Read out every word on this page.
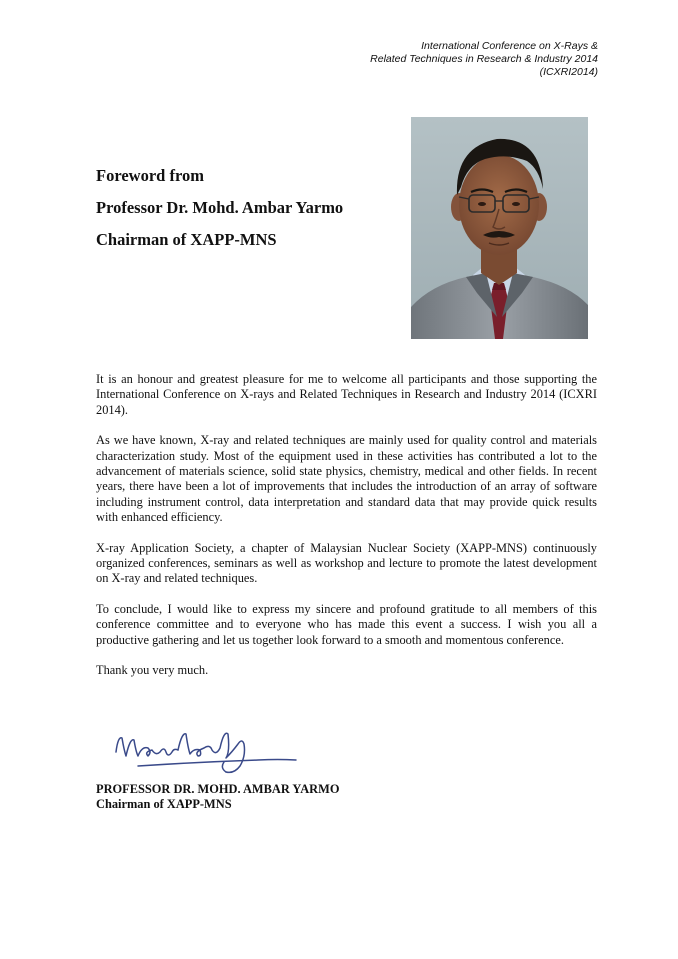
International Conference on X-Rays &
Related Techniques in Research & Industry 2014
(ICXRI2014)
Foreword from
Professor Dr. Mohd. Ambar Yarmo
Chairman of XAPP-MNS

It is an honour and greatest pleasure for me to welcome all participants and those supporting the International Conference on X-rays and Related Techniques in Research and Industry 2014 (ICXRI 2014).

As we have known, X-ray and related techniques are mainly used for quality control and materials characterization study. Most of the equipment used in these activities has contributed a lot to the advancement of materials science, solid state physics, chemistry, medical and other fields. In recent years, there have been a lot of improvements that includes the introduction of an array of software including instrument control, data interpretation and standard data that may provide quick results with enhanced efficiency.

X-ray Application Society, a chapter of Malaysian Nuclear Society (XAPP-MNS) continuously organized conferences, seminars as well as workshop and lecture to promote the latest development on X-ray and related techniques.

To conclude, I would like to express my sincere and profound gratitude to all members of this conference committee and to everyone who has made this event a success. I wish you all a productive gathering and let us together look forward to a smooth and momentous conference.

Thank you very much.

PROFESSOR DR. MOHD. AMBAR YARMO
Chairman of XAPP-MNS
